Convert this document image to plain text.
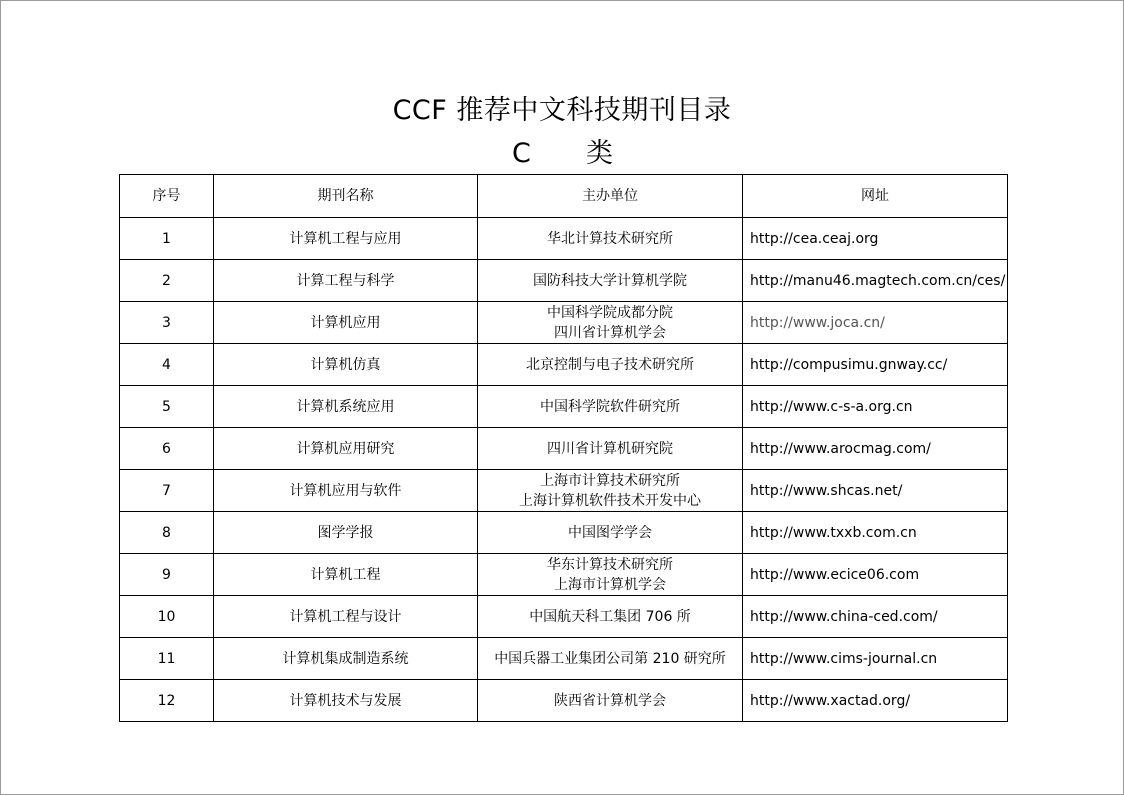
CCF 推荐中文科技期刊目录
C 类
序号	期刊名称	主办单位	网址
1	计算机工程与应用	华北计算技术研究所	http://cea.ceaj.org
2	计算工程与科学	国防科技大学计算机学院	http://manu46.magtech.com.cn/ces/
3	计算机应用	中国科学院成都分院
四川省计算机学会	http://www.joca.cn/
4	计算机仿真	北京控制与电子技术研究所	http://compusimu.gnway.cc/
5	计算机系统应用	中国科学院软件研究所	http://www.c-s-a.org.cn
6	计算机应用研究	四川省计算机研究院	http://www.arocmag.com/
7	计算机应用与软件	上海市计算技术研究所
上海计算机软件技术开发中心	http://www.shcas.net/
8	图学学报	中国图学学会	http://www.txxb.com.cn
9	计算机工程	华东计算技术研究所
上海市计算机学会	http://www.ecice06.com
10	计算机工程与设计	中国航天科工集团 706 所	http://www.china-ced.com/
11	计算机集成制造系统	中国兵器工业集团公司第 210 研究所	http://www.cims-journal.cn
12	计算机技术与发展	陕西省计算机学会	http://www.xactad.org/
